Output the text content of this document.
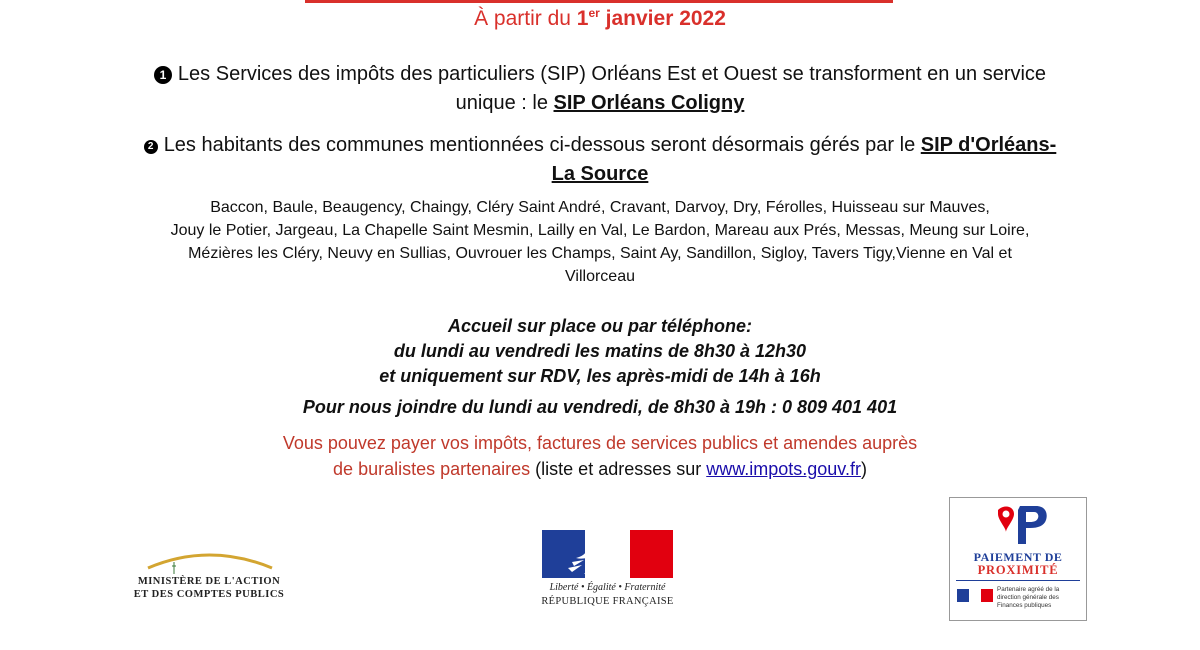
À partir du 1er janvier 2022
1 Les Services des impôts des particuliers (SIP) Orléans Est et Ouest se transforment en un service
unique : le SIP Orléans Coligny
2 Les habitants des communes mentionnées ci-dessous seront désormais gérés par le SIP d'Orléans-
La Source
Baccon, Baule, Beaugency, Chaingy, Cléry Saint André, Cravant, Darvoy, Dry, Férolles, Huisseau sur Mauves,
Jouy le Potier, Jargeau, La Chapelle Saint Mesmin, Lailly en Val, Le Bardon, Mareau aux Prés, Messas, Meung sur Loire,
Mézières les Cléry, Neuvy en Sullias, Ouvrouer les Champs, Saint Ay, Sandillon, Sigloy, Tavers Tigy,Vienne en Val et
Villorceau
Accueil sur place ou par téléphone:
du lundi au vendredi les matins de 8h30 à 12h30
et uniquement sur RDV, les après-midi de 14h à 16h
Pour nous joindre du lundi au vendredi, de 8h30 à 19h : 0 809 401 401
Vous pouvez payer vos impôts, factures de services publics et amendes auprès
de buralistes partenaires (liste et adresses sur www.impots.gouv.fr)
MINISTÈRE DE L'ACTION
ET DES COMPTES PUBLICS
Liberté • Égalité • Fraternité
RÉPUBLIQUE FRANÇAISE
PAIEMENT DE
PROXIMITÉ
Partenaire agréé de la direction générale des Finances publiques
